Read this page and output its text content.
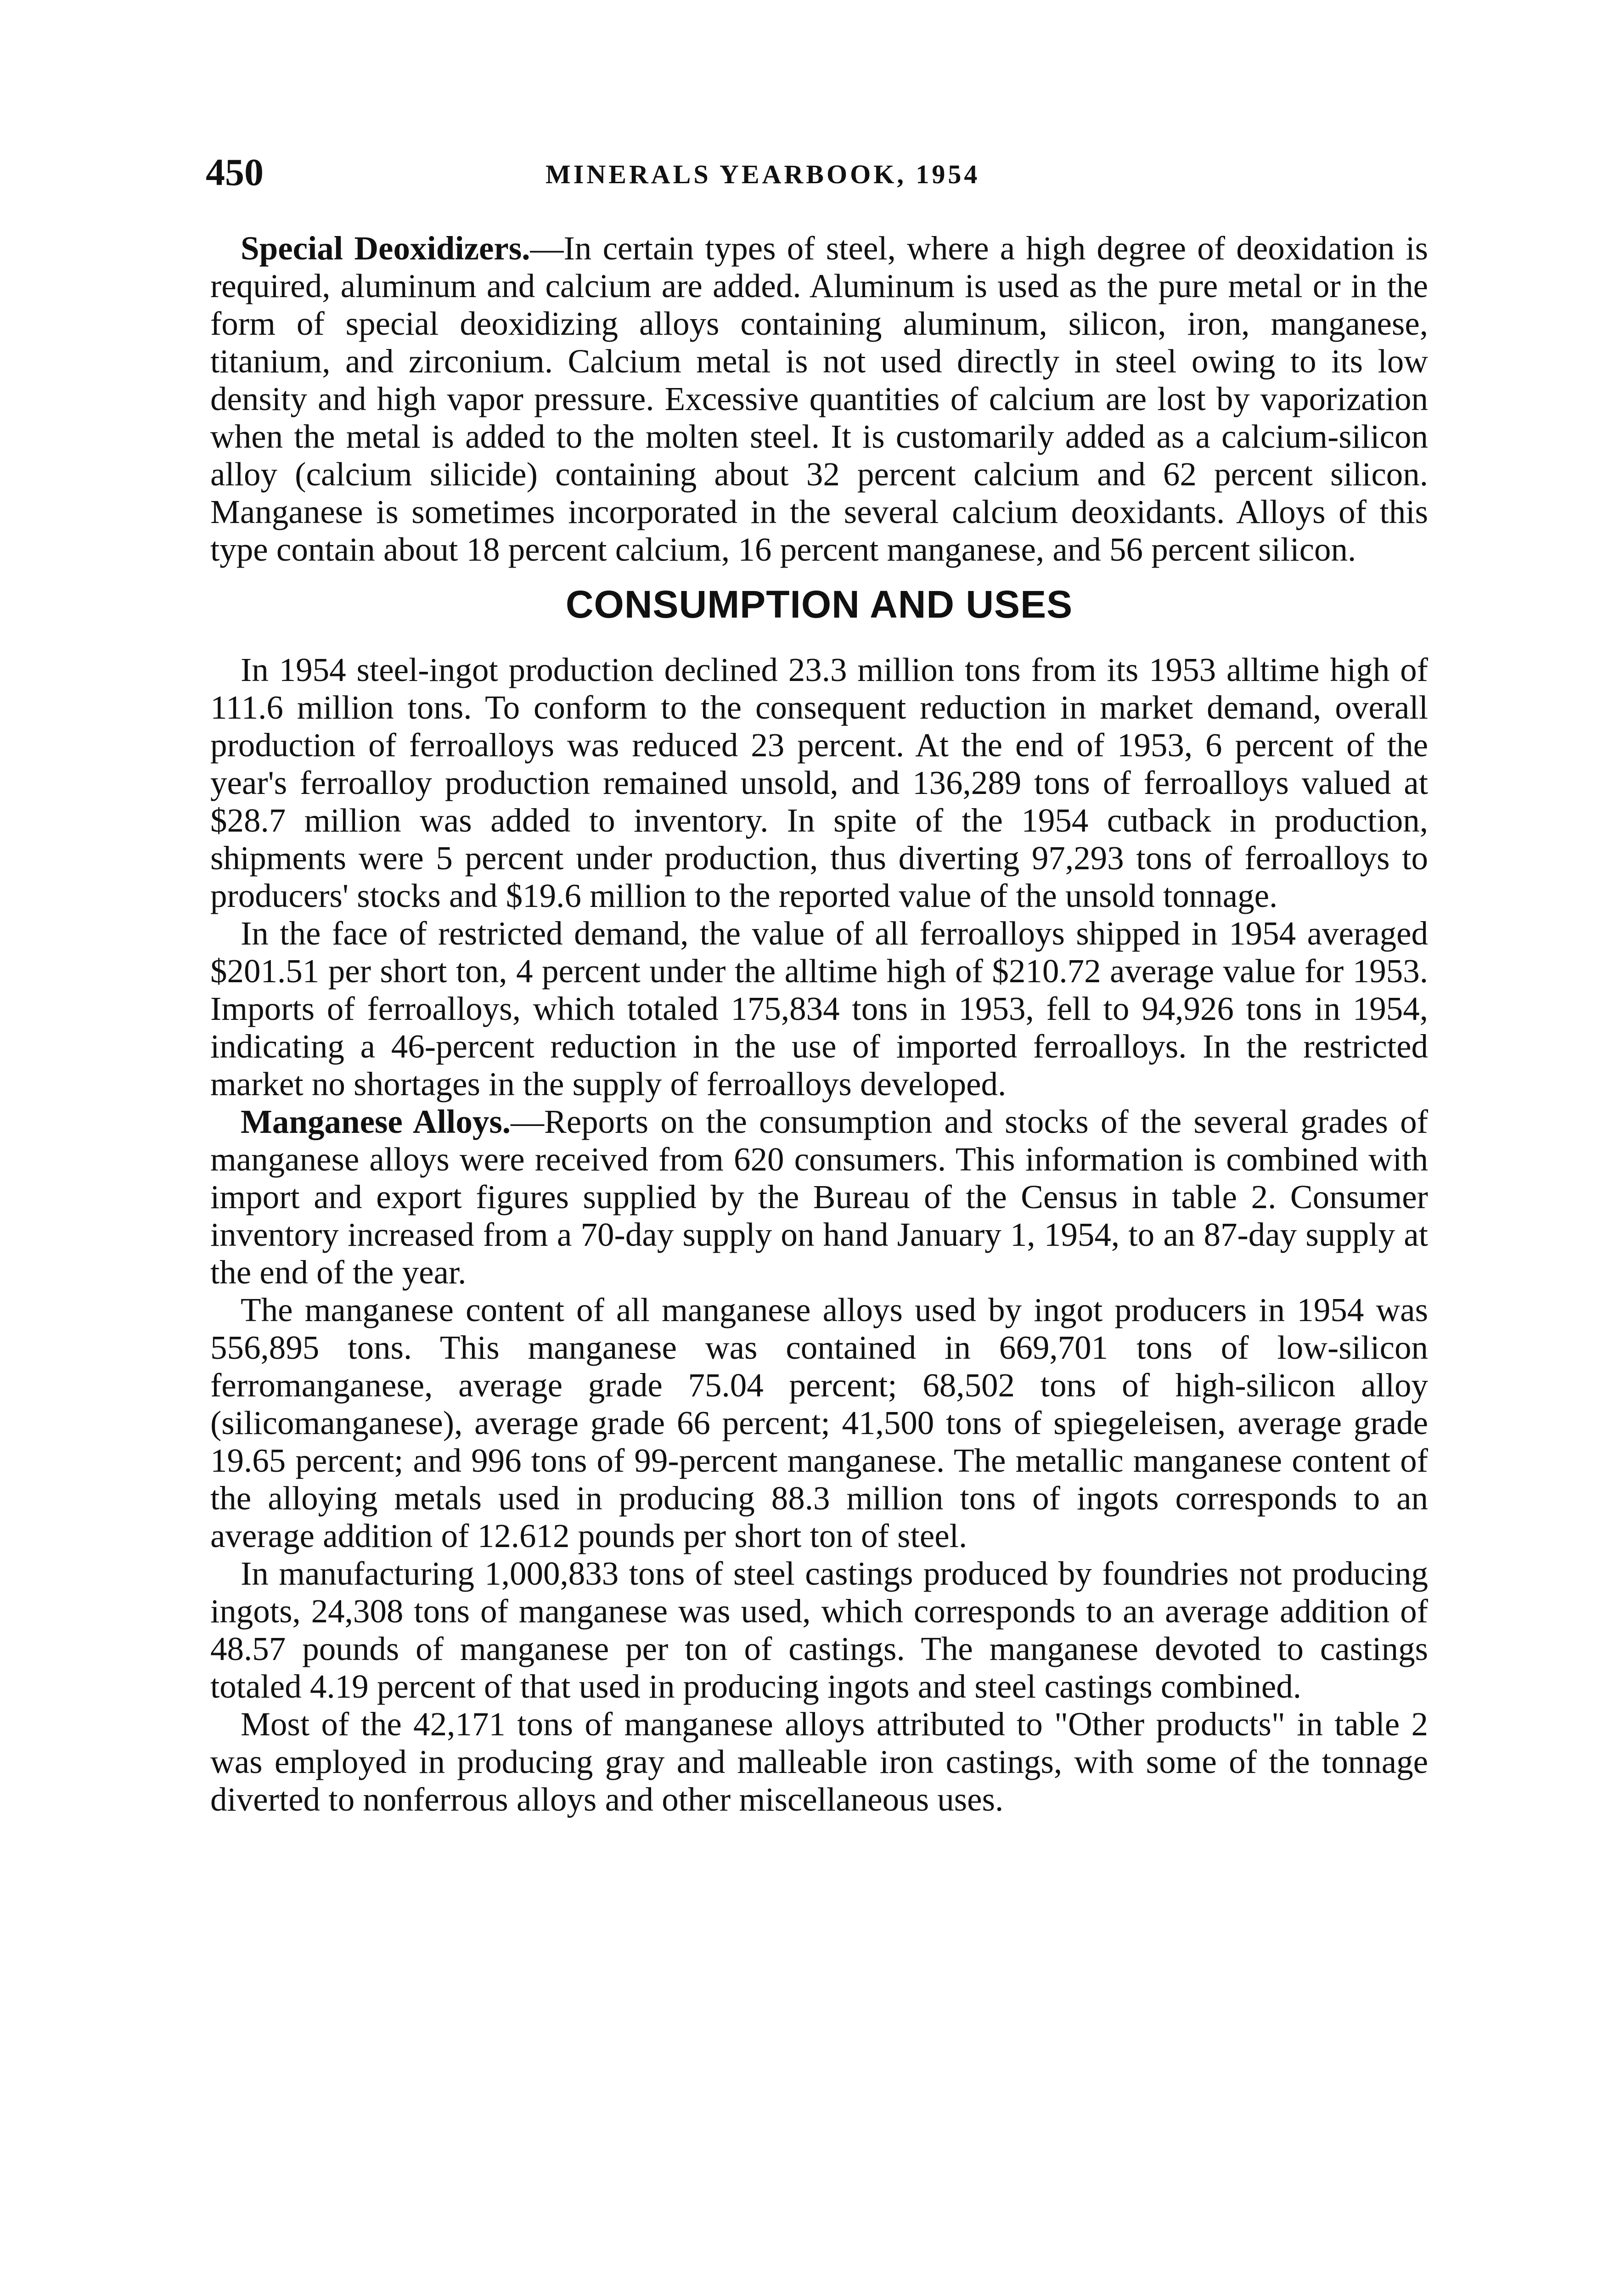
450	MINERALS YEARBOOK, 1954

Special Deoxidizers.—In certain types of steel, where a high degree of deoxidation is required, aluminum and calcium are added. Aluminum is used as the pure metal or in the form of special deoxidizing alloys containing aluminum, silicon, iron, manganese, titanium, and zirconium. Calcium metal is not used directly in steel owing to its low density and high vapor pressure. Excessive quantities of calcium are lost by vaporization when the metal is added to the molten steel. It is customarily added as a calcium-silicon alloy (calcium silicide) containing about 32 percent calcium and 62 percent silicon. Manganese is sometimes incorporated in the several calcium deoxidants. Alloys of this type contain about 18 percent calcium, 16 percent manganese, and 56 percent silicon.

CONSUMPTION AND USES

In 1954 steel-ingot production declined 23.3 million tons from its 1953 alltime high of 111.6 million tons. To conform to the consequent reduction in market demand, overall production of ferroalloys was reduced 23 percent. At the end of 1953, 6 percent of the year's ferroalloy production remained unsold, and 136,289 tons of ferroalloys valued at $28.7 million was added to inventory. In spite of the 1954 cutback in production, shipments were 5 percent under production, thus diverting 97,293 tons of ferroalloys to producers' stocks and $19.6 million to the reported value of the unsold tonnage.

In the face of restricted demand, the value of all ferroalloys shipped in 1954 averaged $201.51 per short ton, 4 percent under the alltime high of $210.72 average value for 1953. Imports of ferroalloys, which totaled 175,834 tons in 1953, fell to 94,926 tons in 1954, indicating a 46-percent reduction in the use of imported ferroalloys. In the restricted market no shortages in the supply of ferroalloys developed.

Manganese Alloys.—Reports on the consumption and stocks of the several grades of manganese alloys were received from 620 consumers. This information is combined with import and export figures supplied by the Bureau of the Census in table 2. Consumer inventory increased from a 70-day supply on hand January 1, 1954, to an 87-day supply at the end of the year.

The manganese content of all manganese alloys used by ingot producers in 1954 was 556,895 tons. This manganese was contained in 669,701 tons of low-silicon ferromanganese, average grade 75.04 percent; 68,502 tons of high-silicon alloy (silicomanganese), average grade 66 percent; 41,500 tons of spiegeleisen, average grade 19.65 percent; and 996 tons of 99-percent manganese. The metallic manganese content of the alloying metals used in producing 88.3 million tons of ingots corresponds to an average addition of 12.612 pounds per short ton of steel.

In manufacturing 1,000,833 tons of steel castings produced by foundries not producing ingots, 24,308 tons of manganese was used, which corresponds to an average addition of 48.57 pounds of manganese per ton of castings. The manganese devoted to castings totaled 4.19 percent of that used in producing ingots and steel castings combined.

Most of the 42,171 tons of manganese alloys attributed to "Other products" in table 2 was employed in producing gray and malleable iron castings, with some of the tonnage diverted to nonferrous alloys and other miscellaneous uses.
